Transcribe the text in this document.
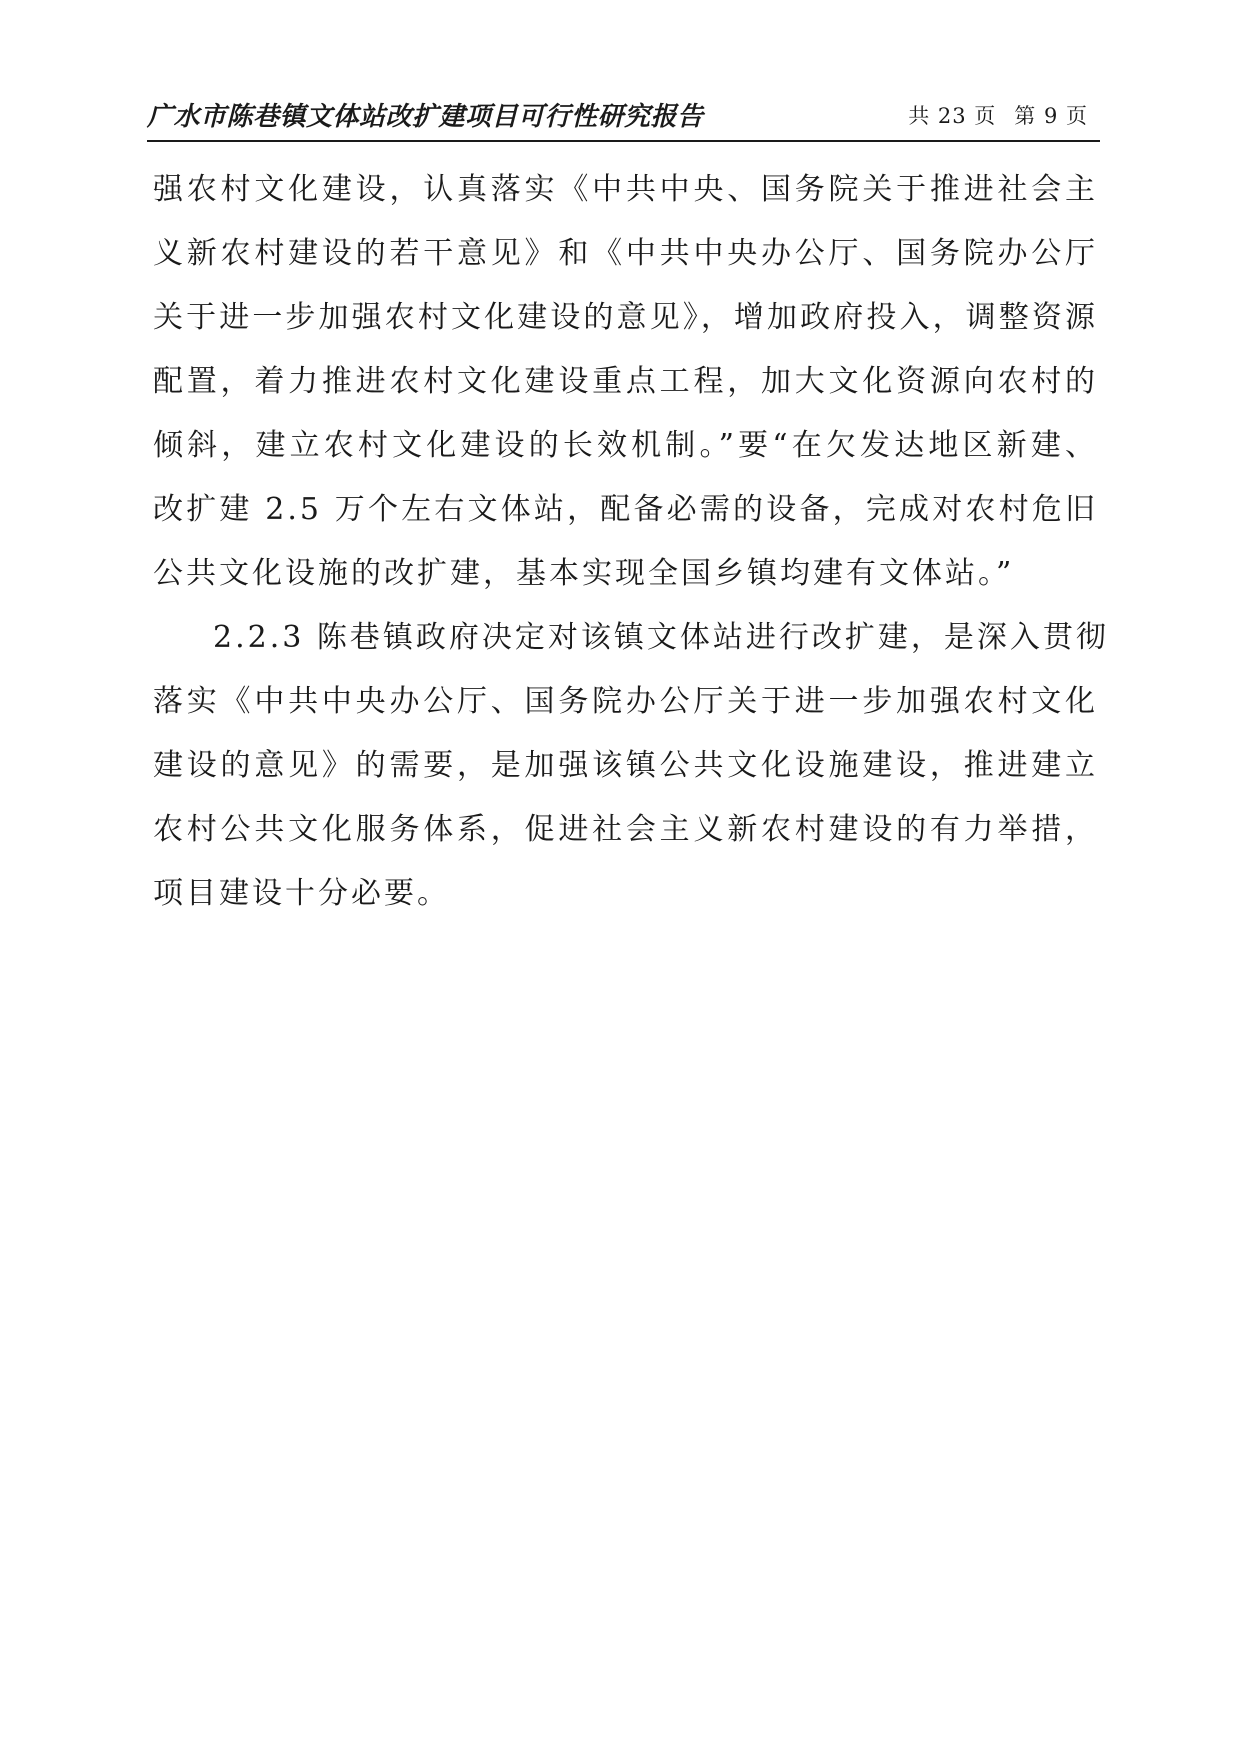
广水市陈巷镇文体站改扩建项目可行性研究报告	共 23 页 第 9 页
强农村文化建设，认真落实《中共中央、国务院关于推进社会主
义新农村建设的若干意见》和《中共中央办公厅、国务院办公厅
关于进一步加强农村文化建设的意见》，增加政府投入，调整资源
配置，着力推进农村文化建设重点工程，加大文化资源向农村的
倾斜，建立农村文化建设的长效机制。”要“在欠发达地区新建、
改扩建 2.5 万个左右文体站，配备必需的设备，完成对农村危旧
公共文化设施的改扩建，基本实现全国乡镇均建有文体站。”
2.2.3 陈巷镇政府决定对该镇文体站进行改扩建，是深入贯彻
落实《中共中央办公厅、国务院办公厅关于进一步加强农村文化
建设的意见》的需要，是加强该镇公共文化设施建设，推进建立
农村公共文化服务体系，促进社会主义新农村建设的有力举措，
项目建设十分必要。
